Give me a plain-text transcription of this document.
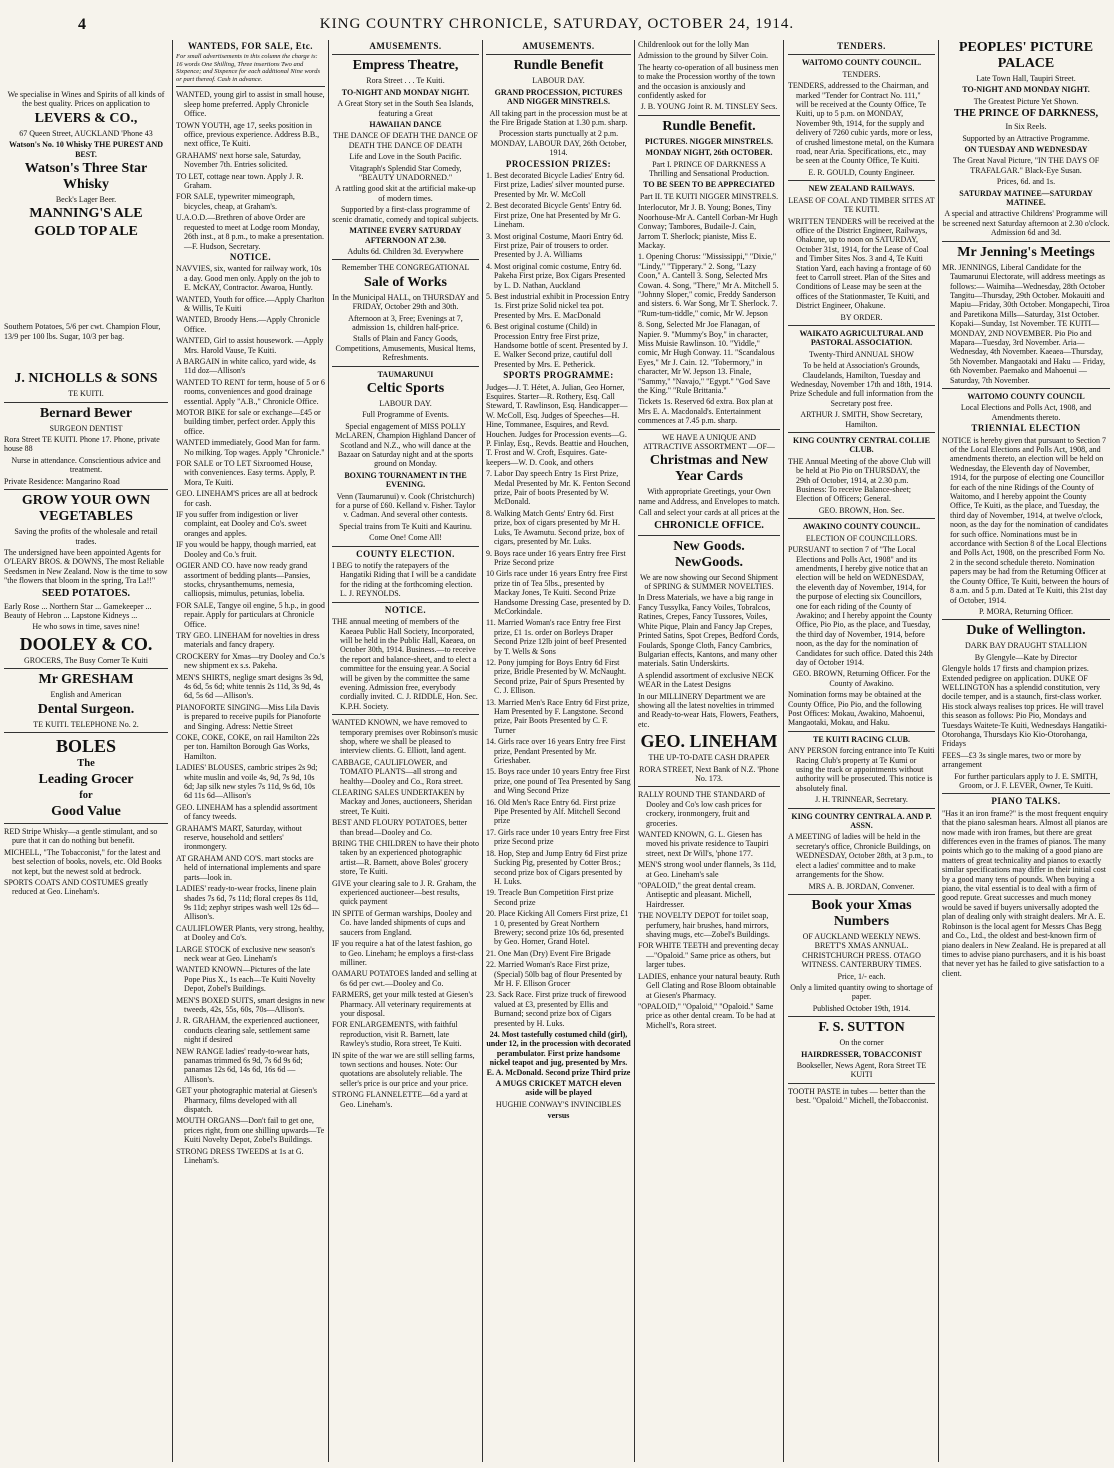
4	KING COUNTRY CHRONICLE, SATURDAY, OCTOBER 24, 1914.
We specialise in Wines and Spirits of all kinds of the best quality. Prices on application to
LEVERS & CO.,
67 Queen Street, AUCKLAND 'Phone 43
Watson's No. 10 Whisky THE PUREST AND BEST.
Watson's Three Star Whisky
Beck's Lager Beer.
MANNING'S ALE
GOLD TOP ALE
Southern Potatoes, 5/6 per cwt. Champion Flour, 13/9 per 100 lbs. Sugar, 10/3 per bag.
J. NICHOLLS & SONS
TE KUITI.
Bernard Bewer
SURGEON DENTIST
Rora Street TE KUITI. Phone 17. Phone, private house 88
Nurse in attendance. Conscientious advice and treatment.
Private Residence: Mangarino Road
GROW YOUR OWN VEGETABLES
Saving the profits of the wholesale and retail trades.
The undersigned have been appointed Agents for O'LEARY BROS. & DOWNS, The most Reliable Seedsmen in New Zealand. Now is the time to sow "the flowers that bloom in the spring, Tra La!!"
SEED POTATOES.
Early Rose ... Northern Star ... Gamekeeper ... Beauty of Hebron ... Lapstone Kidneys ...
He who sows in time, saves nine!
DOOLEY & CO.
GROCERS, The Busy Corner Te Kuiti
Mr GRESHAM
English and American
Dental Surgeon.
TE KUITI. TELEPHONE No. 2.
BOLES
The
Leading Grocer
for
Good Value
RED Stripe Whisky—a gentle stimulant, and so pure that it can do nothing but benefit.
MICHELL, "The Tobacconist," for the latest and best selection of books, novels, etc. Old Books not kept, but the newest sold at bedrock.
SPORTS COATS AND COSTUMES greatly reduced at Geo. Lineham's.
WANTEDS, FOR SALE, Etc.
For small advertisements in this column the charge is: 16 words One Shilling, Three insertions Two and Sixpence; and Sixpence for each additional Nine words or part thereof. Cash in advance.
WANTED, young girl to assist in small house, sleep home preferred. Apply Chronicle Office.
TOWN YOUTH, age 17, seeks position in office, previous experience. Address B.B., next office, Te Kuiti.
GRAHAMS' next horse sale, Saturday, November 7th. Entries solicited.
TO LET, cottage near town. Apply J. R. Graham.
FOR SALE, typewriter mimeograph, bicycles, cheap, at Graham's.
U.A.O.D.—Brethren of above Order are requested to meet at Lodge room Monday, 26th inst., at 8 p.m., to make a presentation.—F. Hudson, Secretary.
NOTICE.
NAVVIES, six, wanted for railway work, 10s a day. Good men only. Apply on the job to E. McKAY, Contractor. Awaroa, Huntly.
WANTED, Youth for office.—Apply Charlton & Willis, Te Kuiti
WANTED, Broody Hens.—Apply Chronicle Office.
WANTED, Girl to assist housework. —Apply Mrs. Harold Vause, Te Kuiti.
A BARGAIN in white calico, yard wide, 4s 11d doz—Allison's
WANTED TO RENT for term, house of 5 or 6 rooms, conveniences and good drainage essential. Apply "A.B.," Chronicle Office.
MOTOR BIKE for sale or exchange—£45 or building timber, perfect order. Apply this office.
WANTED immediately, Good Man for farm. No milking. Top wages. Apply "Chronicle."
FOR SALE or TO LET Sixroomed House, with conveniences. Easy terms. Apply, P. Mora, Te Kuiti.
GEO. LINEHAM'S prices are all at bedrock for cash.
IF you suffer from indigestion or liver complaint, eat Dooley and Co's. sweet oranges and apples.
IF you would be happy, though married, eat Dooley and Co.'s fruit.
OGIER AND CO. have now ready grand assortment of bedding plants—Pansies, stocks, chrysanthemums, nemesia, calliopsis, mimulus, petunias, lobelia.
FOR SALE, Tangye oil engine, 5 h.p., in good repair. Apply for particulars at Chronicle Office.
TRY GEO. LINEHAM for novelties in dress materials and fancy drapery.
CROCKERY for Xmas—try Dooley and Co.'s new shipment ex s.s. Pakeha.
MEN'S SHIRTS, neglige smart designs 3s 9d, 4s 6d, 5s 6d; white tennis 2s 11d, 3s 9d, 4s 6d, 5s 6d —Allison's.
PIANOFORTE SINGING—Miss Lila Davis is prepared to receive pupils for Pianoforte and Singing. Adress: Nettie Street
COKE, COKE, COKE, on rail Hamilton 22s per ton. Hamilton Borough Gas Works, Hamilton.
LADIES' BLOUSES, cambric stripes 2s 9d; white muslin and voile 4s, 9d, 7s 9d, 10s 6d; Jap silk new styles 7s 11d, 9s 6d, 10s 6d 11s 6d—Allison's
GEO. LINEHAM has a splendid assortment of fancy tweeds.
GRAHAM'S MART, Saturday, without reserve, household and settlers' ironmongery.
AT GRAHAM AND CO'S. mart stocks are held of international implements and spare parts—look in.
LADIES' ready-to-wear frocks, linene plain shades 7s 6d, 7s 11d; floral crepes 8s 11d, 9s 11d; zephyr stripes wash well 12s 6d—Allison's.
CAULIFLOWER Plants, very strong, healthy, at Dooley and Co's.
LARGE STOCK of exclusive new season's neck wear at Geo. Lineham's
WANTED KNOWN—Pictures of the late Pope Pius X., 1s each—Te Kuiti Novelty Depot, Zobel's Buildings.
MEN'S BOXED SUITS, smart designs in new tweeds, 42s, 55s, 60s, 70s—Allison's.
J. R. GRAHAM, the experienced auctioneer, conducts clearing sale, settlement same night if desired
NEW RANGE ladies' ready-to-wear hats, panamas trimmed 6s 9d, 7s 6d 9s 6d; panamas 12s 6d, 14s 6d, 16s 6d —Allison's.
GET your photographic material at Giesen's Pharmacy, films developed with all dispatch.
MOUTH ORGANS—Don't fail to get one, prices right, from one shilling upwards—Te Kuiti Novelty Depot, Zobel's Buildings.
STRONG DRESS TWEEDS at 1s at G. Lineham's.
AMUSEMENTS.
Empress Theatre,
Rora Street . . . Te Kuiti.
TO-NIGHT AND MONDAY NIGHT.
A Great Story set in the South Sea Islands, featuring a Great
HAWAIIAN DANCE
THE DANCE OF DEATH THE DANCE OF DEATH THE DANCE OF DEATH
Life and Love in the South Pacific.
Vitagraph's Splendid Star Comedy, "BEAUTY UNADORNED."
A rattling good skit at the artificial make-up of modern times.
Supported by a first-class programme of scenic dramatic, comedy and topical subjects.
MATINEE EVERY SATURDAY AFTERNOON AT 2.30.
Adults 6d. Children 3d. Everywhere
Remember THE CONGREGATIONAL
Sale of Works
In the Municipal HALL, on THURSDAY and FRIDAY, October 29th and 30th.
Afternoon at 3, Free; Evenings at 7, admission 1s, children half-price.
Stalls of Plain and Fancy Goods, Competitions, Amusements, Musical Items, Refreshments.
TAUMARUNUI
Celtic Sports
LABOUR DAY.
Full Programme of Events.
Special engagement of MISS POLLY McLAREN, Champion Highland Dancer of Scotland and N.Z., who will dance at the Bazaar on Saturday night and at the sports ground on Monday.
BOXING TOURNAMENT IN THE EVENING.
Venn (Taumarunui) v. Cook (Christchurch) for a purse of £60. Kelland v. Fisher. Taylor v. Cadman. And several other contests.
Special trains from Te Kuiti and Kaurinu.
Come One! Come All!
COUNTY ELECTION.
I BEG to notify the ratepayers of the Hangatiki Riding that I will be a candidate for the riding at the forthcoming election. L. J. REYNOLDS.
NOTICE.
THE annual meeting of members of the Kaeaea Public Hall Society, Incorporated, will be held in the Public Hall, Kaeaea, on October 30th, 1914. Business.—to receive the report and balance-sheet, and to elect a committee for the ensuing year. A Social will be given by the committee the same evening. Admission free, everybody cordially invited. C. J. RIDDLE, Hon. Sec. K.P.H. Society.
WANTED KNOWN, we have removed to temporary premises over Robinson's music shop, where we shall be pleased to interview clients. G. Elliott, land agent.
CABBAGE, CAULIFLOWER, and TOMATO PLANTS—all strong and healthy—Dooley and Co., Rora street.
CLEARING SALES UNDERTAKEN by Mackay and Jones, auctioneers, Sheridan street, Te Kuiti.
BEST AND FLOURY POTATOES, better than bread—Dooley and Co.
BRING THE CHILDREN to have their photo taken by an experienced photographic artist—R. Barnett, above Boles' grocery store, Te Kuiti.
GIVE your clearing sale to J. R. Graham, the experienced auctioneer—best results, quick payment
IN SPITE of German warships, Dooley and Co. have landed shipments of cups and saucers from England.
IF you require a hat of the latest fashion, go to Geo. Lineham; he employs a first-class milliner.
OAMARU POTATOES landed and selling at 6s 6d per cwt.—Dooley and Co.
FARMERS, get your milk tested at Giesen's Pharmacy. All veterinary requirements at your disposal.
FOR ENLARGEMENTS, with faithful reproduction, visit R. Barnett, late Rawley's studio, Rora street, Te Kuiti.
IN spite of the war we are still selling farms, town sections and houses. Note: Our quotations are absolutely reliable. The seller's price is our price and your price.
STRONG FLANNELETTE—6d a yard at Geo. Lineham's.
AMUSEMENTS.
Rundle Benefit
LABOUR DAY.
GRAND PROCESSION, PICTURES AND NIGGER MINSTRELS.
All taking part in the procession must be at the Fire Brigade Station at 1.30 p.m. sharp.
Procession starts punctually at 2 p.m. MONDAY, LABOUR DAY, 26th October, 1914.
PROCESSION PRIZES:
1. Best decorated Bicycle Ladies' Entry 6d. First prize, Ladies' silver mounted purse. Presented by Mr. W. McColl
2. Best decorated Bicycle Gents' Entry 6d. First prize, One hat Presented by Mr G. Lineham.
3. Most original Costume, Maori Entry 6d. First prize, Pair of trousers to order. Presented by J. A. Williams
4. Most original comic costume, Entry 6d. Pakeha First prize, Box Cigars Presented by L. D. Nathan, Auckland
5. Best industrial exhibit in Procession Entry 1s. First prize Solid nickel tea pot. Presented by Mrs. E. MacDonald
6. Best original costume (Child) in Procession Entry free First prize, Handsome bottle of scent. Presented by J. E. Walker Second prize, cautiful doll Presented by Mrs. E. Petherick.
SPORTS PROGRAMME:
Judges—J. T. Hétet, A. Julian, Geo Horner, Esquires. Starter—R. Rothery, Esq. Call Steward, T. Rawlinson, Esq. Handicapper—W. McColl, Esq. Judges of Speeches—H. Hine, Tommanee, Esquires, and Revd. Houchen. Judges for Procession events—G. P. Finlay, Esq., Revds. Beattie and Houchen, T. Frost and W. Croft, Esquires. Gate-keepers—W. D. Cook, and others
7. Labor Day speech Entry 1s First Prize, Medal Presented by Mr. K. Fenton Second prize, Pair of boots Presented by W. McDonald.
8. Walking Match Gents' Entry 6d. First prize, box of cigars presented by Mr H. Luks, Te Awamutu. Second prize, box of cigars, presented by Mr. Luks.
9. Boys race under 16 years Entry free First Prize Second prize
10 Girls race under 16 years Entry free First prize tin of Tea 5lbs., presented by Mackay Jones, Te Kuiti. Second Prize Handsome Dressing Case, presented by D. McCorkindale.
11. Married Woman's race Entry free First prize, £1 1s. order on Borleys Draper Second Prize 12lb joint of beef Presented by T. Wells & Sons
12. Pony jumping for Boys Entry 6d First prize, Bridle Presented by W. McNaught. Second prize, Pair of Spurs Presented by C. J. Ellison.
13. Married Men's Race Entry 6d First prize, Ham Presented by F. Langstone. Second prize, Pair Boots Presented by C. F. Turner
14. Girls race over 16 years Entry free First prize, Pendant Presented by Mr. Grieshaber.
15. Boys race under 10 years Entry free First prize, one pound of Tea Presented by Sang and Wing Second Prize
16. Old Men's Race Entry 6d. First prize Pipe Presented by Alf. Mitchell Second prize
17. Girls race under 10 years Entry free First prize Second prize
18. Hop, Step and Jump Entry 6d First prize Sucking Pig, presented by Cotter Bros.; second prize box of Cigars presented by H. Luks.
19. Treacle Bun Competition First prize Second prize
20. Place Kicking All Comers First prize, £1 1 0, presented by Great Northern Brewery; second prize 10s 6d, presented by Geo. Horner, Grand Hotel.
21. One Man (Dry) Event Fire Brigade
22. Married Woman's Race First prize, (Special) 50lb bag of flour Presented by Mr H. F. Ellison Grocer
23. Sack Race. First prize truck of firewood valued at £3, presented by Ellis and Burnand; second prize box of Cigars presented by H. Luks.
24. Most tastefully costumed child (girl), under 12, in the procession with decorated perambulator. First prize handsome nickel teapot and jug, presented by Mrs. E. A. McDonald. Second prize Third prize
A MUGS CRICKET MATCH eleven aside will be played
HUGHIE CONWAY'S INVINCIBLES
versus
Childrenlook out for the lolly Man
Admission to the ground by Silver Coin.
The hearty co-operation of all business men to make the Procession worthy of the town and the occasion is anxiously and confidently asked for
J. B. YOUNG Joint R. M. TINSLEY Secs.
Rundle Benefit.
PICTURES. NIGGER MINSTRELS.
MONDAY NIGHT, 26th OCTOBER.
Part I. PRINCE OF DARKNESS A Thrilling and Sensational Production.
TO BE SEEN TO BE APPRECIATED
Part II. TE KUITI NIGGER MINSTRELS.
Interlocutor, Mr J. B. Young; Bones, Tiny Noorhouse-Mr A. Cantell Corban-Mr Hugh Conway; Tambores, Budaile-J. Cain, Jarrom T. Sherlock; pianiste, Miss E. Mackay.
1. Opening Chorus: "Mississippi," "Dixie," "Lindy," "Tipperary." 2. Song, "Lazy Coon," A. Cantell 3. Song, Selected Mrs Cowan. 4. Song, "There," Mr A. Mitchell 5. "Johnny Sloper," comic, Freddy Sanderson and sisters. 6. War Song, Mr T. Sherlock. 7. "Rum-tum-tiddle," comic, Mr W. Jepson
8. Song, Selected Mr Joe Flanagan, of Napier. 9. "Mummy's Boy," in character, Miss Muisie Rawlinson. 10. "Yiddle," comic, Mr Hugh Conway. 11. "Scandalous Eyes," Mr J. Cain. 12. "Tobermory," in character, Mr W. Jepson 13. Finale, "Sammy," "Navajo," "Egypt." "God Save the King." "Rule Brittania."
Tickets 1s. Reserved 6d extra. Box plan at Mrs E. A. Macdonald's. Entertainment commences at 7.45 p.m. sharp.
WE HAVE A UNIQUE AND ATTRACTIVE ASSORTMENT —OF—
Christmas and New Year Cards
With appropriate Greetings, your Own name and Address, and Envelopes to match.
Call and select your cards at all prices at the
CHRONICLE OFFICE.
New Goods. NewGoods.
We are now showing our Second Shipment of SPRING & SUMMER NOVELTIES.
In Dress Materials, we have a big range in Fancy Tussylka, Fancy Voiles, Tobralcos, Ratines, Crepes, Fancy Tussores, Voiles, White Pique, Plain and Fancy Jap Crepes, Printed Satins, Spot Crepes, Bedford Cords, Foulards, Sponge Cloth, Fancy Cambrics, Bulgarian effects, Kantons, and many other materials. Satin Underskirts.
A splendid assortment of exclusive NECK WEAR in the Latest Designs
In our MILLINERY Department we are showing all the latest novelties in trimmed and Ready-to-wear Hats, Flowers, Feathers, etc.
GEO. LINEHAM
THE UP-TO-DATE CASH DRAPER
RORA STREET, Next Bank of N.Z. 'Phone No. 173.
RALLY ROUND THE STANDARD of Dooley and Co's low cash prices for crockery, ironmongery, fruit and groceries.
WANTED KNOWN, G. L. Giesen has moved his private residence to Taupiri street, next Dr Will's, 'phone 177.
MEN'S strong wool under flannels, 3s 11d, at Geo. Lineham's sale
"OPALOID," the great dental cream. Antiseptic and pleasant. Michell, Hairdresser.
THE NOVELTY DEPOT for toilet soap, perfumery, hair brushes, hand mirrors, shaving mugs, etc—Zobel's Buildings.
FOR WHITE TEETH and preventing decay—"Opaloid." Same price as others, but larger tubes.
LADIES, enhance your natural beauty. Ruth Gell Clating and Rose Bloom obtainable at Giesen's Pharmacy.
"OPALOID," "Opaloid," "Opaloid." Same price as other dental cream. To be had at Michell's, Rora street.
TENDERS.
WAITOMO COUNTY COUNCIL.
TENDERS.
TENDERS, addressed to the Chairman, and marked "Tender for Contract No. 111," will be received at the County Office, Te Kuiti, up to 5 p.m. on MONDAY, November 9th, 1914, for the supply and delivery of 7260 cubic yards, more or less, of crushed limestone metal, on the Kumara road, near Aria. Specifications, etc., may be seen at the County Office, Te Kuiti.
E. R. GOULD, County Engineer.
NEW ZEALAND RAILWAYS.
LEASE OF COAL AND TIMBER SITES AT TE KUITI.
WRITTEN TENDERS will be received at the office of the District Engineer, Railways, Ohakune, up to noon on SATURDAY, October 31st, 1914, for the Lease of Coal and Timber Sites Nos. 3 and 4, Te Kuiti Station Yard, each having a frontage of 60 feet to Carroll street. Plan of the Sites and Conditions of Lease may be seen at the offices of the Stationmaster, Te Kuiti, and District Engineer, Ohakune.
BY ORDER.
WAIKATO AGRICULTURAL AND PASTORAL ASSOCIATION.
Twenty-Third ANNUAL SHOW
To be held at Association's Grounds, Claudelands, Hamilton, Tuesday and Wednesday, November 17th and 18th, 1914. Prize Schedule and full information from the Secretary post free.
ARTHUR J. SMITH, Show Secretary, Hamilton.
KING COUNTRY CENTRAL COLLIE CLUB.
THE Annual Meeting of the above Club will be held at Pio Pio on THURSDAY, the 29th of October, 1914, at 2.30 p.m. Business: To receive Balance-sheet; Election of Officers; General.
GEO. BROWN, Hon. Sec.
AWAKINO COUNTY COUNCIL.
ELECTION OF COUNCILLORS.
PURSUANT to section 7 of "The Local Elections and Polls Act, 1908" and its amendments, I hereby give notice that an election will be held on WEDNESDAY, the eleventh day of November, 1914, for the purpose of electing six Councillors, one for each riding of the County of Awakino; and I hereby appoint the County Office, Pio Pio, as the place, and Tuesday, the third day of November, 1914, before noon, as the day for the nomination of Candidates for such office. Dated this 24th day of October 1914.
GEO. BROWN, Returning Officer. For the County of Awakino.
Nomination forms may be obtained at the County Office, Pio Pio, and the following Post Offices: Mokau, Awakino, Mahoenui, Mangaotaki, Mokau, and Haku.
TE KUITI RACING CLUB.
ANY PERSON forcing entrance into Te Kuiti Racing Club's property at Te Kumi or using the track or appointments without authority will be prosecuted. This notice is absolutely final.
J. H. TRINNEAR, Secretary.
KING COUNTRY CENTRAL A. AND P. ASSN.
A MEETING of ladies will be held in the secretary's office, Chronicle Buildings, on WEDNESDAY, October 28th, at 3 p.m., to elect a ladies' committee and to make arrangements for the Show.
MRS A. B. JORDAN, Convener.
Book your Xmas Numbers
OF AUCKLAND WEEKLY NEWS. BRETT'S XMAS ANNUAL. CHRISTCHURCH PRESS. OTAGO WITNESS. CANTERBURY TIMES.
Price, 1/- each.
Only a limited quantity owing to shortage of paper.
Published October 19th, 1914.
F. S. SUTTON
On the corner
HAIRDRESSER, TOBACCONIST
Bookseller, News Agent, Rora Street TE KUITI
TOOTH PASTE in tubes — better than the best. "Opaloid." Michell, theTobacconist.
PEOPLES' PICTURE PALACE
Late Town Hall, Taupiri Street.
TO-NIGHT AND MONDAY NIGHT.
The Greatest Picture Yet Shown.
THE PRINCE OF DARKNESS,
In Six Reels.
Supported by an Attractive Programme.
ON TUESDAY AND WEDNESDAY
The Great Naval Picture, "IN THE DAYS OF TRAFALGAR." Black-Eye Susan.
Prices, 6d. and 1s.
SATURDAY MATINEE—SATURDAY MATINEE.
A special and attractive Childrens' Programme will be screened next Saturday afternoon at 2.30 o'clock. Admission 6d and 3d.
Mr Jenning's Meetings
MR. JENNINGS, Liberal Candidate for the Taumarunui Electorate, will address meetings as follows:— Waimiha—Wednesday, 28th October Tangitu—Thursday, 29th October. Mokauiti and Mapiu—Friday, 30th October. Mongapechi, Tiroa and Paretikona Mills—Saturday, 31st October. Kopaki—Sunday, 1st November. TE KUITI—MONDAY, 2ND NOVEMBER. Pio Pio and Mapara—Tuesday, 3rd November. Aria—Wednesday, 4th November. Kaeaea—Thursday, 5th November. Mangaotaki and Haku — Friday, 6th November. Paemako and Mahoenui — Saturday, 7th November.
WAITOMO COUNTY COUNCIL
Local Elections and Polls Act, 1908, and Amendments thereto.
TRIENNIAL ELECTION
NOTICE is hereby given that pursuant to Section 7 of the Local Elections and Polls Act, 1908, and amendments thereto, an election will be held on Wednesday, the Eleventh day of November, 1914, for the purpose of electing one Councillor for each of the nine Ridings of the County of Waitomo, and I hereby appoint the County Office, Te Kuiti, as the place, and Tuesday, the third day of November, 1914, at twelve o'clock, noon, as the day for the nomination of candidates for such office. Nominations must be in accordance with Section 8 of the Local Elections and Polls Act, 1908, on the prescribed Form No. 2 in the second schedule thereto. Nomination papers may be had from the Returning Officer at the County Office, Te Kuiti, between the hours of 8 a.m. and 5 p.m. Dated at Te Kuiti, this 21st day of October, 1914.
P. MORA, Returning Officer.
Duke of Wellington.
DARK BAY DRAUGHT STALLION
By Glengyle—Kate by Director
Glengyle holds 17 firsts and champion prizes. Extended pedigree on application. DUKE OF WELLINGTON has a splendid constitution, very docile temper, and is a staunch, first-class worker. His stock always realises top prices. He will travel this season as follows: Pio Pio, Mondays and Tuesdays Waitete-Te Kuiti, Wednesdays Hangatiki-Otorohanga, Thursdays Kio Kio-Otorohanga, Fridays
FEES—£3 3s single mares, two or more by arrangement
For further particulars apply to J. E. SMITH, Groom, or J. F. LEVER, Owner, Te Kuiti.
PIANO TALKS.
"Has it an iron frame?" is the most frequent enquiry that the piano salesman hears. Almost all pianos are now made with iron frames, but there are great differences even in the frames of pianos. The many points which go to the making of a good piano are matters of great technicality and pianos to exactly similar specifications may differ in their initial cost by a good many tens of pounds. When buying a piano, the vital essential is to deal with a firm of good repute. Great successes and much money would be saved if buyers universally adopted the plan of dealing only with straight dealers. Mr A. E. Robinson is the local agent for Messrs Chas Begg and Co., Ltd., the oldest and best-known firm of piano dealers in New Zealand. He is prepared at all times to advise piano purchasers, and it is his boast that never yet has he failed to give satisfaction to a client.
